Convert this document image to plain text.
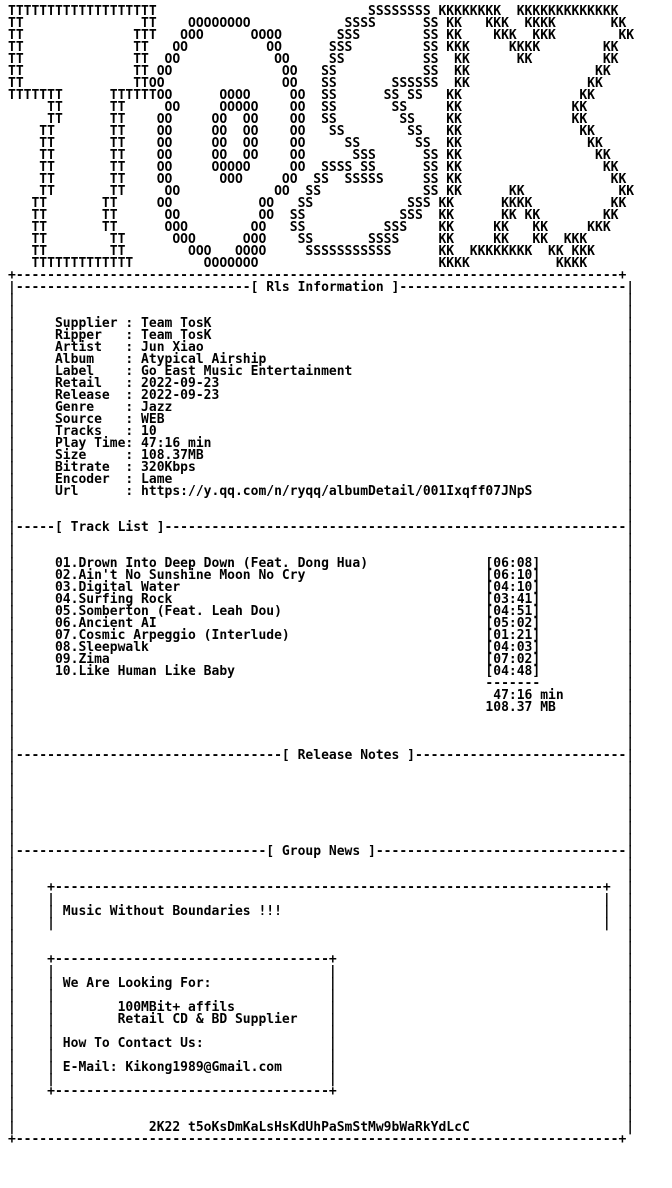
TTTTTTTTTTTTTTTTTTT                           SSSSSSSS KKKKKKKK  KKKKKKKKKKKKK
TT               TT    OOOOOOOO            SSSS      SS KK   KKK  KKKK       KK
TT              TTT   OOO      OOOO       SSS        SS KK    KKK  KKK        KK
TT              TT   OO          OO      SSS         SS KKK     KKKK        KK
TT              TT  OO            OO     SS          SS  KK      KK         KK
TT              TT OO              OO   SS           SS  KK                KK
TT              TTOO               OO   SS       SSSSSS  KK               KK
TTTTTTT      TTTTTTOO      OOOO     OO  SS      SS SS   KK               KK
TT      TT     OO     OOOOO    OO  SS       SS     KK              KK
TT      TT    OO     OO  OO    OO  SS        SS    KK              KK
TT       TT    OO     OO  OO    OO   SS        SS   KK               KK
TT       TT    OO     OO  OO    OO     SS       SS  KK                KK
TT       TT    OO     OO  OO    OO      SSS      SS KK                 KK
TT       TT    OO     OOOOO     OO  SSSS SS      SS KK                  KK
TT       TT    OO      OOO     OO  SS  SSSSS     SS KK                   KK
TT       TT     OO            OO  SS             SS KK      KK            KK
TT       TT     OO           OO   SS            SSS KK      KKKK          KK
TT       TT      OO          OO  SS            SSS  KK      KK KK        KK
TT       TT      OOO        OO   SS          SSS    KK     KK   KK     KKK
TT        TT      OOO      OOO    SS       SSSS     KK     KK   KK  KKK
TT        TT        OOO   OOOO     SSSSSSSSSSS      KK  KKKKKKKK  KK KKK
TTTTTTTTTTTTT         OOOOOOO                       KKKK           KKKK
+-----------------------------------------------------------------------------+
|------------------------------[ Rls Information ]-----------------------------|
|                                                                              |
|                                                                              |
|     Supplier : Team TosK                                                     |
|     Ripper   : Team TosK                                                     |
|     Artist   : Jun Xiao                                                      |
|     Album    : Atypical Airship                                              |
|     Label    : Go East Music Entertainment                                   |
|     Retail   : 2022-09-23                                                    |
|     Release  : 2022-09-23                                                    |
|     Genre    : Jazz                                                          |
|     Source   : WEB                                                           |
|     Tracks   : 10                                                            |
|     Play Time: 47:16 min                                                     |
|     Size     : 108.37MB                                                      |
|     Bitrate  : 320Kbps                                                       |
|     Encoder  : Lame                                                          |
|     Url      : https://y.qq.com/n/ryqq/albumDetail/001Ixqff07JNpS            |
|                                                                              |
|                                                                              |
|-----[ Track List ]-----------------------------------------------------------|
|                                                                              |
|                                                                              |
|     01.Drown Into Deep Down (Feat. Dong Hua)               [06:08]           |
|     02.Ain't No Sunshine Moon No Cry                       [06:10]           |
|     03.Digital Water                                       [04:10]           |
|     04.Surfing Rock                                        [03:41]           |
|     05.Somberton (Feat. Leah Dou)                          [04:51]           |
|     06.Ancient AI                                          [05:02]           |
|     07.Cosmic Arpeggio (Interlude)                         [01:21]           |
|     08.Sleepwalk                                           [04:03]           |
|     09.Zima                                                [07:02]           |
|     10.Like Human Like Baby                                [04:48]           |
|                                                            -------           |
|                                                             47:16 min        |
|                                                            108.37 MB         |
|                                                                              |
|                                                                              |
|                                                                              |
|----------------------------------[ Release Notes ]---------------------------|
|                                                                              |
|                                                                              |
|                                                                              |
|                                                                              |
|                                                                              |
|                                                                              |
|                                                                              |
|--------------------------------[ Group News ]--------------------------------|
|                                                                              |
|                                                                              |
|    +----------------------------------------------------------------------+  |
|    |                                                                      |  |
|    | Music Without Boundaries !!!                                         |  |
|    |                                                                      |  |
|                                                                              |
|                                                                              |
|    +-----------------------------------+                                     |
|    |                                   |                                     |
|    | We Are Looking For:               |                                     |
|    |                                   |                                     |
|    |        100MBit+ affils            |                                     |
|    |        Retail CD & BD Supplier    |                                     |
|    |                                   |                                     |
|    | How To Contact Us:                |                                     |
|    |                                   |                                     |
|    | E-Mail: Kikong1989@Gmail.com      |                                     |
|    |                                   |                                     |
|    +-----------------------------------+                                     |
|                                                                              |
|                                                                              |
|                 2K22 t5oKsDmKaLsHsKdUhPaSmStMw9bWaRkYdLcC                    |
+-----------------------------------------------------------------------------+
